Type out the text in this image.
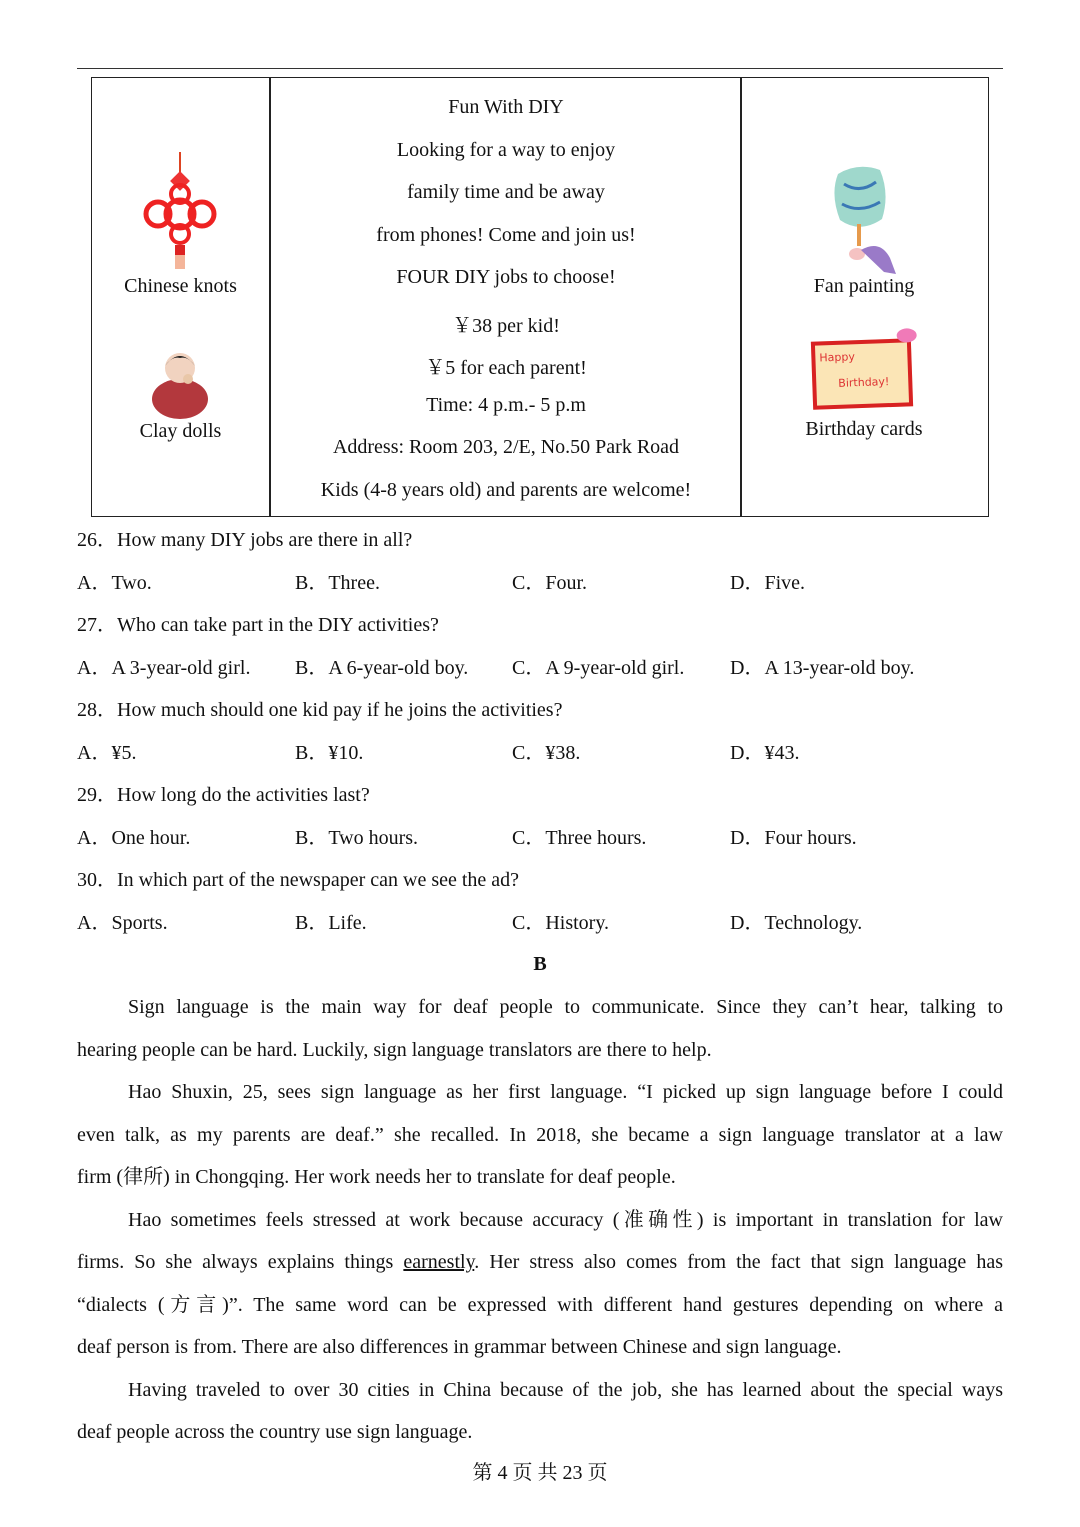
Chinese knots
Clay dolls
Fun With DIY
Looking for a way to enjoy
family time and be away
from phones! Come and join us!
FOUR DIY jobs to choose!
￥38 per kid!
￥5 for each parent!
Time: 4 p.m.- 5 p.m
Address: Room 203, 2/E, No.50 Park Road
Kids (4-8 years old) and parents are welcome!
Fan painting
Happy
Birthday!
Birthday cards
26．How many DIY jobs are there in all?
A．Two.	B．Three.	C．Four.	D．Five.
27．Who can take part in the DIY activities?
A．A 3-year-old girl. B．A 6-year-old boy. C．A 9-year-old girl. D．A 13-year-old boy.
28．How much should one kid pay if he joins the activities?
A．¥5.	B．¥10.	C．¥38.	D．¥43.
29．How long do the activities last?
A．One hour.	B．Two hours.	C．Three hours.	D．Four hours.
30．In which part of the newspaper can we see the ad?
A．Sports.	B．Life.	C．History.	D．Technology.
B
Sign language is the main way for deaf people to communicate. Since they can’t hear, talking to
hearing people can be hard. Luckily, sign language translators are there to help.
Hao Shuxin, 25, sees sign language as her first language. “I picked up sign language before I could
even talk, as my parents are deaf.” she recalled. In 2018, she became a sign language translator at a law
firm (律所) in Chongqing. Her work needs her to translate for deaf people.
Hao sometimes feels stressed at work because accuracy (准确性) is important in translation for law
firms. So she always explains things earnestly. Her stress also comes from the fact that sign language has
“dialects (方言)”. The same word can be expressed with different hand gestures depending on where a
deaf person is from. There are also differences in grammar between Chinese and sign language.
Having traveled to over 30 cities in China because of the job, she has learned about the special ways
deaf people across the country use sign language.
第 4 页 共 23 页
